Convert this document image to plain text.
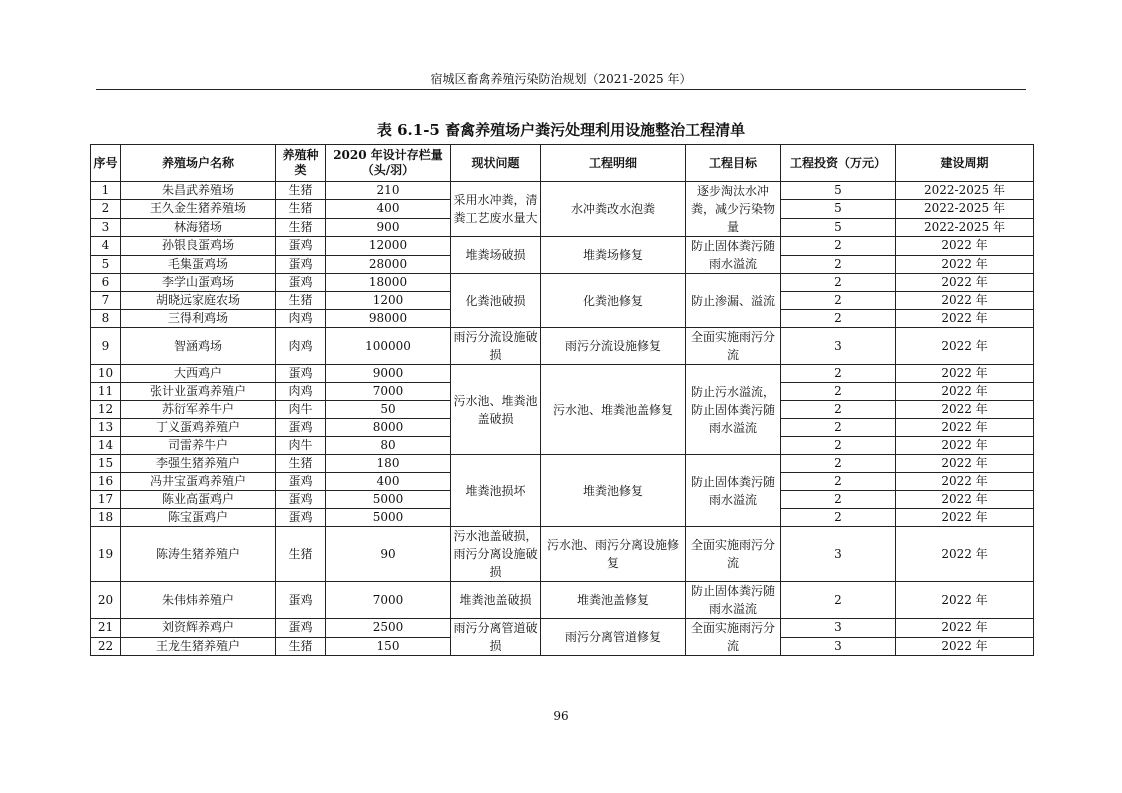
宿城区畜禽养殖污染防治规划（2021-2025 年）
表 6.1-5 畜禽养殖场户粪污处理利用设施整治工程清单
序号	养殖场户名称	养殖种类	2020 年设计存栏量（头/羽）	现状问题	工程明细	工程目标	工程投资（万元）	建设周期
1	朱昌武养殖场	生猪	210	采用水冲粪，清粪工艺废水量大	水冲粪改水泡粪	逐步淘汰水冲粪，减少污染物量	5	2022-2025 年
2	王久金生猪养殖场	生猪	400				5	2022-2025 年
3	林海猪场	生猪	900				5	2022-2025 年
4	孙银良蛋鸡场	蛋鸡	12000	堆粪场破损	堆粪场修复	防止固体粪污随雨水溢流	2	2022 年
5	毛集蛋鸡场	蛋鸡	28000				2	2022 年
6	李学山蛋鸡场	蛋鸡	18000	化粪池破损	化粪池修复	防止渗漏、溢流	2	2022 年
7	胡晓远家庭农场	生猪	1200				2	2022 年
8	三得利鸡场	肉鸡	98000				2	2022 年
9	智涵鸡场	肉鸡	100000	雨污分流设施破损	雨污分流设施修复	全面实施雨污分流	3	2022 年
10	大西鸡户	蛋鸡	9000	污水池、堆粪池盖破损	污水池、堆粪池盖修复	防止污水溢流，防止固体粪污随雨水溢流	2	2022 年
11	张计业蛋鸡养殖户	肉鸡	7000				2	2022 年
12	苏衍军养牛户	肉牛	50				2	2022 年
13	丁义蛋鸡养殖户	蛋鸡	8000				2	2022 年
14	司雷养牛户	肉牛	80				2	2022 年
15	李强生猪养殖户	生猪	180	堆粪池损坏	堆粪池修复	防止固体粪污随雨水溢流	2	2022 年
16	冯井宝蛋鸡养殖户	蛋鸡	400				2	2022 年
17	陈业高蛋鸡户	蛋鸡	5000				2	2022 年
18	陈宝蛋鸡户	蛋鸡	5000				2	2022 年
19	陈涛生猪养殖户	生猪	90	污水池盖破损，雨污分离设施破损	污水池、雨污分离设施修复	全面实施雨污分流	3	2022 年
20	朱伟炜养殖户	蛋鸡	7000	堆粪池盖破损	堆粪池盖修复	防止固体粪污随雨水溢流	2	2022 年
21	刘资辉养鸡户	蛋鸡	2500	雨污分离管道破损	雨污分离管道修复	全面实施雨污分流	3	2022 年
22	王龙生猪养殖户	生猪	150				3	2022 年
96
